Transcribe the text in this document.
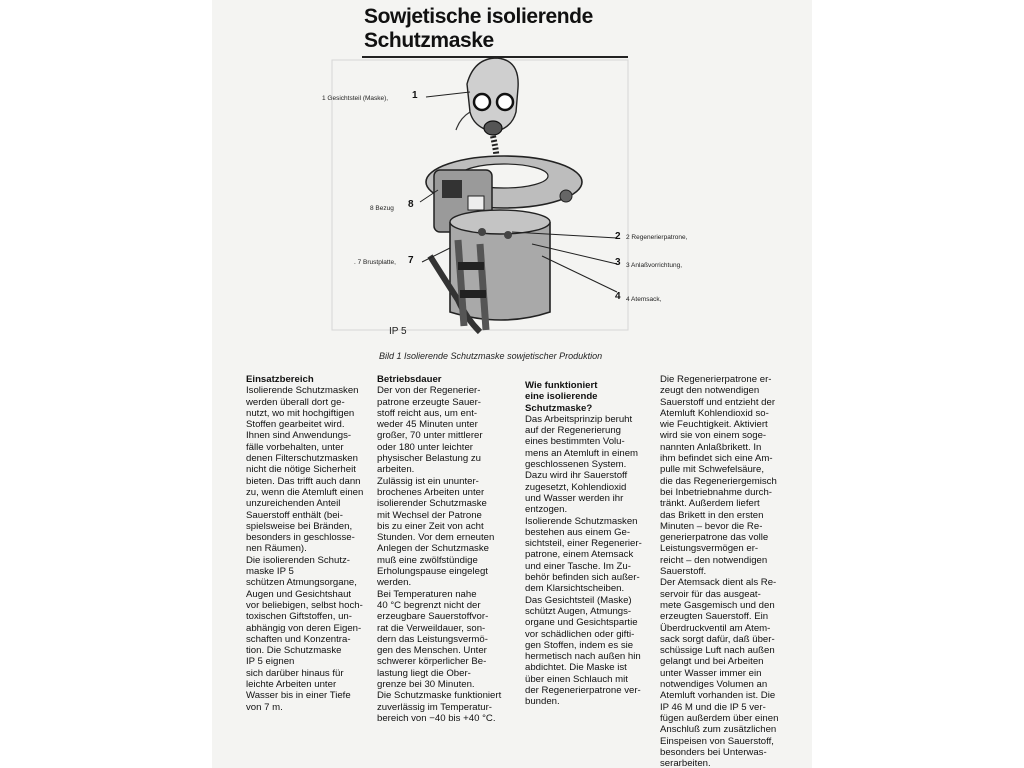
Sowjetische isolierende
Schutzmaske
1 Gesichtsteil (Maske), 1
2 Regenerierpatrone,
2
3 Anlaßvorrichtung,
3
4 Atemsack,
4
. 7 Brustplatte, 7
8 Bezug 8
IP 5
Bild 1 Isolierende Schutzmaske sowjetischer Produktion
Einsatzbereich

Isolierende Schutzmasken
werden überall dort ge-
nutzt, wo mit hochgiftigen
Stoffen gearbeitet wird.
Ihnen sind Anwendungs-
fälle vorbehalten, unter
denen Filterschutzmasken
nicht die nötige Sicherheit
bieten. Das trifft auch dann
zu, wenn die Atemluft einen
unzureichenden Anteil
Sauerstoff enthält (bei-
spielsweise bei Bränden,
besonders in geschlosse-
nen Räumen).
Die isolierenden Schutz-
maske IP 5
schützen Atmungsorgane,
Augen und Gesichtshaut
vor beliebigen, selbst hoch-
toxischen Giftstoffen, un-
abhängig von deren Eigen-
schaften und Konzentra-
tion. Die Schutzmaske
IP 5 eignen
sich darüber hinaus für
leichte Arbeiten unter
Wasser bis in einer Tiefe
von 7 m.

Betriebsdauer

Der von der Regenerier-
patrone erzeugte Sauer-
stoff reicht aus, um ent-
weder 45 Minuten unter
großer, 70 unter mittlerer
oder 180 unter leichter
physischer Belastung zu
arbeiten.
Zulässig ist ein ununter-
brochenes Arbeiten unter
isolierender Schutzmaske
mit Wechsel der Patrone
bis zu einer Zeit von acht
Stunden. Vor dem erneuten
Anlegen der Schutzmaske
muß eine zwölfstündige
Erholungspause eingelegt
werden.
Bei Temperaturen nahe
40 °C begrenzt nicht der
erzeugbare Sauerstoffvor-
rat die Verweildauer, son-
dern das Leistungsvermö-
gen des Menschen. Unter
schwerer körperlicher Be-
lastung liegt die Ober-
grenze bei 30 Minuten.
Die Schutzmaske funktioniert
zuverlässig im Temperatur-
bereich von −40 bis +40 °C.

Wie funktioniert
eine isolierende
Schutzmaske?

Das Arbeitsprinzip beruht
auf der Regenerierung
eines bestimmten Volu-
mens an Atemluft in einem
geschlossenen System.
Dazu wird ihr Sauerstoff
zugesetzt, Kohlendioxid
und Wasser werden ihr
entzogen.
Isolierende Schutzmasken
bestehen aus einem Ge-
sichtsteil, einer Regenerier-
patrone, einem Atemsack
und einer Tasche. Im Zu-
behör befinden sich außer-
dem Klarsichtscheiben.
Das Gesichtsteil (Maske)
schützt Augen, Atmungs-
organe und Gesichtspartie
vor schädlichen oder gifti-
gen Stoffen, indem es sie
hermetisch nach außen hin
abdichtet. Die Maske ist
über einen Schlauch mit
der Regenerierpatrone ver-
bunden.

Die Regenerierpatrone er-
zeugt den notwendigen
Sauerstoff und entzieht der
Atemluft Kohlendioxid so-
wie Feuchtigkeit. Aktiviert
wird sie von einem soge-
nannten Anlaßbrikett. In
ihm befindet sich eine Am-
pulle mit Schwefelsäure,
die das Regeneriergemisch
bei Inbetriebnahme durch-
tränkt. Außerdem liefert
das Brikett in den ersten
Minuten – bevor die Re-
generierpatrone das volle
Leistungsvermögen er-
reicht – den notwendigen
Sauerstoff.
Der Atemsack dient als Re-
servoir für das ausgeat-
mete Gasgemisch und den
erzeugten Sauerstoff. Ein
Überdruckventil am Atem-
sack sorgt dafür, daß über-
schüssige Luft nach außen
gelangt und bei Arbeiten
unter Wasser immer ein
notwendiges Volumen an
Atemluft vorhanden ist. Die
IP 46 M und die IP 5 ver-
fügen außerdem über einen
Anschluß zum zusätzlichen
Einspeisen von Sauerstoff,
besonders bei Unterwas-
serarbeiten.
